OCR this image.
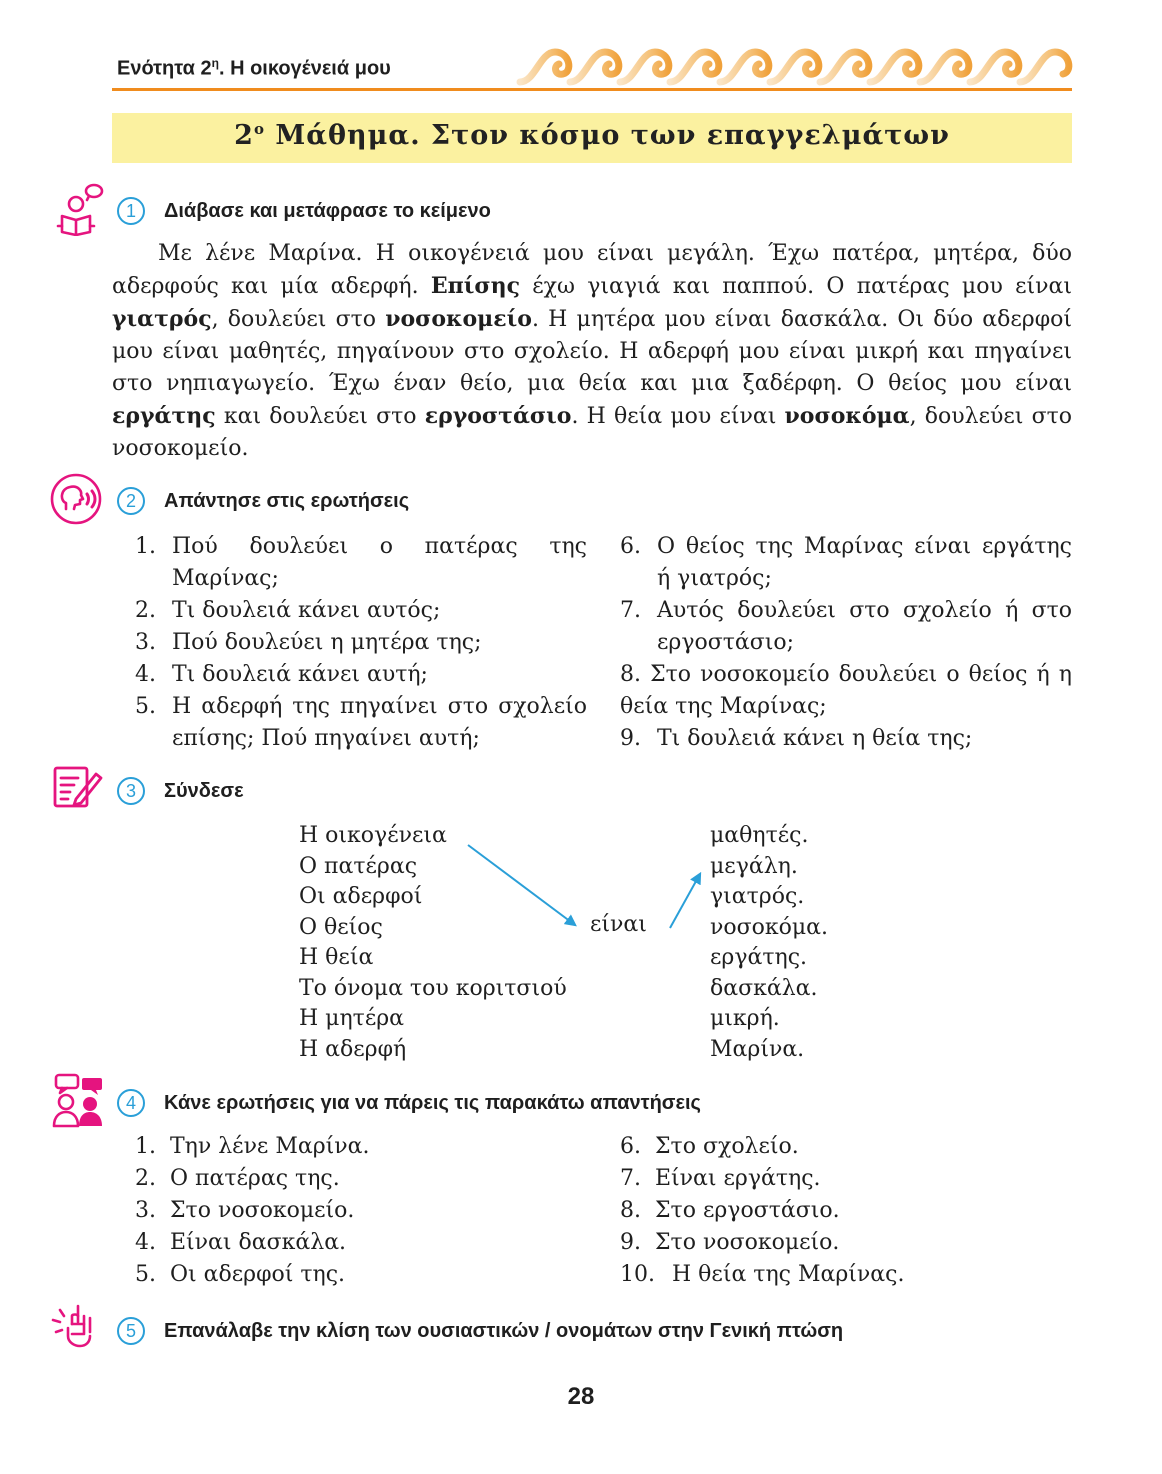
Ενότητα $2^\eta$. Η οικογένειά μου
$2^o$ Μάθημα. Στον κόσμο των επαγγελμάτων
1	Διάβασε και μετάφρασε το κείμενο

Με λένε Μαρίνα. Η οικογένειά μου είναι μεγάλη. Έχω πατέρα, μητέρα, δύο αδερφούς και μία αδερφή. Επίσης έχω γιαγιά και παππού. Ο πατέρας μου είναι γιατρός, δουλεύει στο νοσοκομείο. Η μητέρα μου είναι δασκάλα. Οι δύο αδερφοί μου είναι μαθητές, πηγαίνουν στο σχολείο. Η αδερφή μου είναι μικρή και πηγαίνει στο νηπιαγωγείο. Έχω έναν θείο, μια θεία και μια ξαδέρφη. Ο θείος μου είναι εργάτης και δουλεύει στο εργοστάσιο. Η θεία μου είναι νοσοκόμα, δουλεύει στο νοσοκομείο.

2	Απάντησε στις ερωτήσεις
1. Πού δουλεύει ο πατέρας της Μαρίνας;
2. Τι δουλειά κάνει αυτός;
3. Πού δουλεύει η μητέρα της;
4. Τι δουλειά κάνει αυτή;
5. Η αδερφή της πηγαίνει στο σχολείο επίσης; Πού πηγαίνει αυτή;
6. Ο θείος της Μαρίνας είναι εργάτης ή γιατρός;
7. Αυτός δουλεύει στο σχολείο ή στο εργοστάσιο;
8. Στο νοσοκομείο δουλεύει ο θείος ή η θεία της Μαρίνας;
9. Τι δουλειά κάνει η θεία της;
3	Σύνδεσε
Η οικογένεια
Ο πατέρας
Οι αδερφοί
Ο θείος
Η θεία
Το όνομα του κοριτσιού
Η μητέρα
Η αδερφή
είναι
μαθητές.
μεγάλη.
γιατρός.
νοσοκόμα.
εργάτης.
δασκάλα.
μικρή.
Μαρίνα.
4	Κάνε ερωτήσεις για να πάρεις τις παρακάτω απαντήσεις
1. Την λένε Μαρίνα.
2. Ο πατέρας της.
3. Στο νοσοκομείο.
4. Είναι δασκάλα.
5. Οι αδερφοί της.
6. Στο σχολείο.
7. Είναι εργάτης.
8. Στο εργοστάσιο.
9. Στο νοσοκομείο.
10. Η θεία της Μαρίνας.
5	Επανάλαβε την κλίση των ουσιαστικών / ονομάτων στην Γενική πτώση
28
